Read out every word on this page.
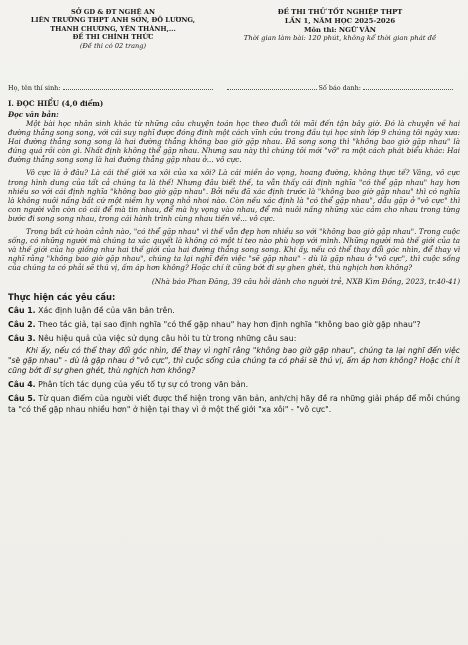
SỞ GD & ĐT NGHỆ AN
LIÊN TRƯỜNG THPT ANH SƠN, ĐÔ LƯƠNG,
THANH CHƯƠNG, YÊN THÀNH,...
ĐỀ THI CHÍNH THỨC
(Đề thi có 02 trang)
ĐỀ THI THỬ TỐT NGHIỆP THPT
LẦN 1, NĂM HỌC 2025-2026
Môn thi: NGỮ VĂN
Thời gian làm bài: 120 phút, không kể thời gian phát đề
Họ, tên thí sinh:	Số báo danh:
I. ĐỌC HIỂU (4,0 điểm)
Đọc văn bản:

Một bài học nhân sinh khác từ những câu chuyện toán học theo đuổi tôi mãi đến tận bây giờ. Đó là chuyện về hai đường thẳng song song, với cái suy nghĩ được đóng đinh một cách vĩnh cửu trong đầu tụi học sinh lớp 9 chúng tôi ngày xưa: Hai đường thẳng song song là hai đường thẳng không bao giờ gặp nhau. Đã song song thì "không bao giờ gặp nhau" là đúng quá rồi còn gì. Nhất định không thể gặp nhau. Nhưng sau này thì chúng tôi mới "vỡ" ra một cách phát biểu khác: Hai đường thẳng song song là hai đường thẳng gặp nhau ở... vô cực.

Vô cực là ở đâu? Là cái thế giới xa xôi của xa xôi? Là cái miền ảo vọng, hoang đường, không thực tế? Vâng, vô cực trong hình dung của tất cả chúng ta là thế! Nhưng đâu biết thế, ta vẫn thấy cái định nghĩa "có thể gặp nhau" hay hơn nhiều so với cái định nghĩa "không bao giờ gặp nhau". Bởi nếu đã xác định trước là "không bao giờ gặp nhau" thì có nghĩa là không nuôi nấng bất cứ một niềm hy vọng nhỏ nhoi nào. Còn nếu xác định là "có thể gặp nhau", dẫu gặp ở "vô cực" thì con người vẫn còn có cái để mà tin nhau, để mà hy vọng vào nhau, để mà nuôi nấng những xúc cảm cho nhau trong từng bước đi song song nhau, trong cái hành trình cùng nhau tiến về... vô cực.

Trong bất cứ hoàn cảnh nào, "có thể gặp nhau" vì thế vẫn đẹp hơn nhiều so với "không bao giờ gặp nhau". Trong cuộc sống, có những người mà chúng ta xác quyết là không có một tí teo nào phù hợp với mình. Những người mà thế giới của ta và thế giới của họ giống như hai thế giới của hai đường thẳng song song. Khi ấy, nếu có thể thay đổi góc nhìn, để thay vì nghĩ rằng "không bao giờ gặp nhau", chúng ta lại nghĩ đến việc "sẽ gặp nhau" - dù là gặp nhau ở "vô cực", thì cuộc sống của chúng ta có phải sẽ thú vị, ấm áp hơn không? Hoặc chí ít cũng bớt đi sự ghen ghét, thù nghịch hơn không?

(Nhà báo Phan Đăng, 39 câu hỏi dành cho người trẻ, NXB Kim Đồng, 2023, tr.40-41)
Thực hiện các yêu cầu:
Câu 1. Xác định luận đề của văn bản trên.
Câu 2. Theo tác giả, tại sao định nghĩa "có thể gặp nhau" hay hơn định nghĩa "không bao giờ gặp nhau"?
Câu 3. Nêu hiệu quả của việc sử dụng câu hỏi tu từ trong những câu sau:
Khi ấy, nếu có thể thay đổi góc nhìn, để thay vì nghĩ rằng "không bao giờ gặp nhau", chúng ta lại nghĩ đến việc "sẽ gặp nhau" - dù là gặp nhau ở "vô cực", thì cuộc sống của chúng ta có phải sẽ thú vị, ấm áp hơn không? Hoặc chí ít cũng bớt đi sự ghen ghét, thù nghịch hơn không?
Câu 4. Phân tích tác dụng của yếu tố tự sự có trong văn bản.
Câu 5. Từ quan điểm của người viết được thể hiện trong văn bản, anh/chị hãy đề ra những giải pháp để mỗi chúng ta "có thể gặp nhau nhiều hơn" ở hiện tại thay vì ở một thế giới "xa xôi" - "vô cực".
